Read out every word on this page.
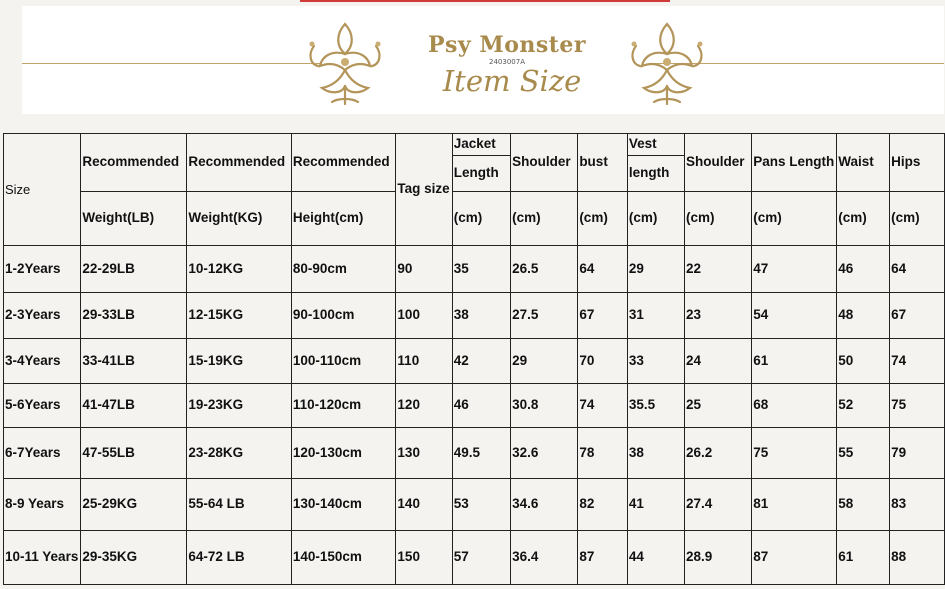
Psy Monster
2403007A
Item Size
Size	Recommended	Recommended	Recommended	Tag size	Jacket	Shoulder	bust	Vest	Shoulder	Pans Length	Waist	Hips
					Length			length				
	Weight(LB)	Weight(KG)	Height(cm)		(cm)	(cm)	(cm)	(cm)	(cm)	(cm)	(cm)	(cm)
1-2Years	22-29LB	10-12KG	80-90cm	90	35	26.5	64	29	22	47	46	64
2-3Years	29-33LB	12-15KG	90-100cm	100	38	27.5	67	31	23	54	48	67
3-4Years	33-41LB	15-19KG	100-110cm	110	42	29	70	33	24	61	50	74
5-6Years	41-47LB	19-23KG	110-120cm	120	46	30.8	74	35.5	25	68	52	75
6-7Years	47-55LB	23-28KG	120-130cm	130	49.5	32.6	78	38	26.2	75	55	79
8-9 Years	25-29KG	55-64 LB	130-140cm	140	53	34.6	82	41	27.4	81	58	83
10-11 Years	29-35KG	64-72 LB	140-150cm	150	57	36.4	87	44	28.9	87	61	88
